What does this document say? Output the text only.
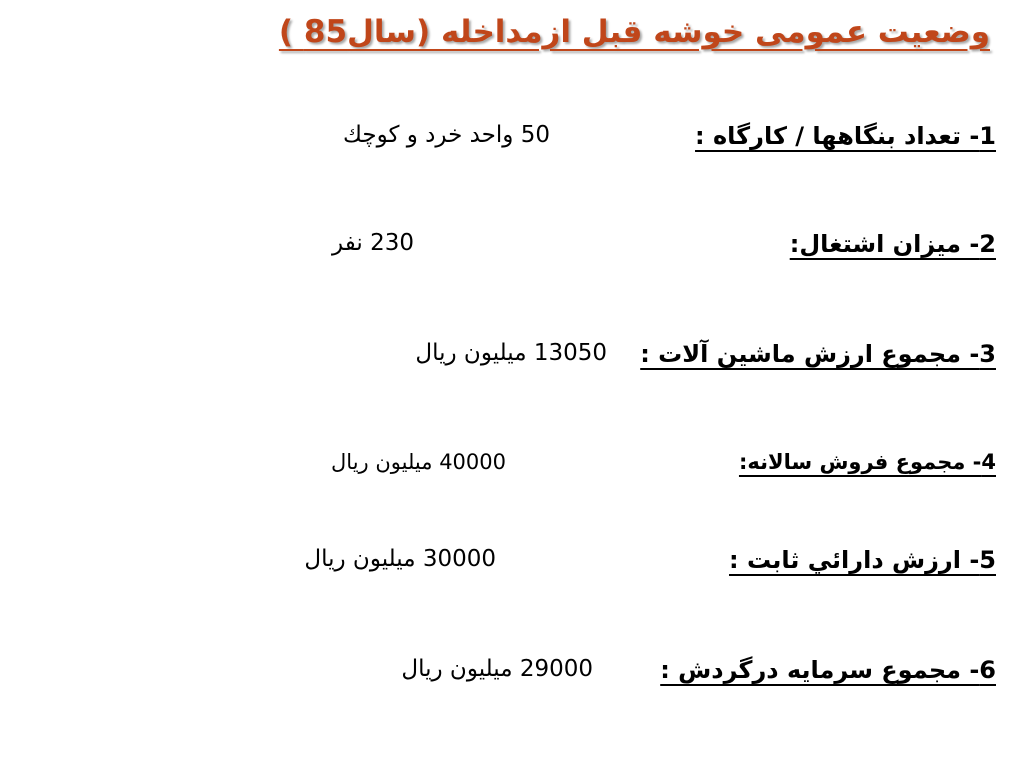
وضعیت عمومی خوشه قبل ازمداخله (سال85 )
1- تعداد بنگاهها / کارگاه :
50 واحد خرد و کوچك
2- میزان اشتغال:
230 نفر
3- مجموع ارزش ماشین آلات :
13050 میلیون ریال
4- مجموع فروش سالانه:
40000 میلیون ریال
5- ارزش دارائي ثابت :
30000 میلیون ریال
6- مجموع سرمایه درگردش :
29000 میلیون ریال
